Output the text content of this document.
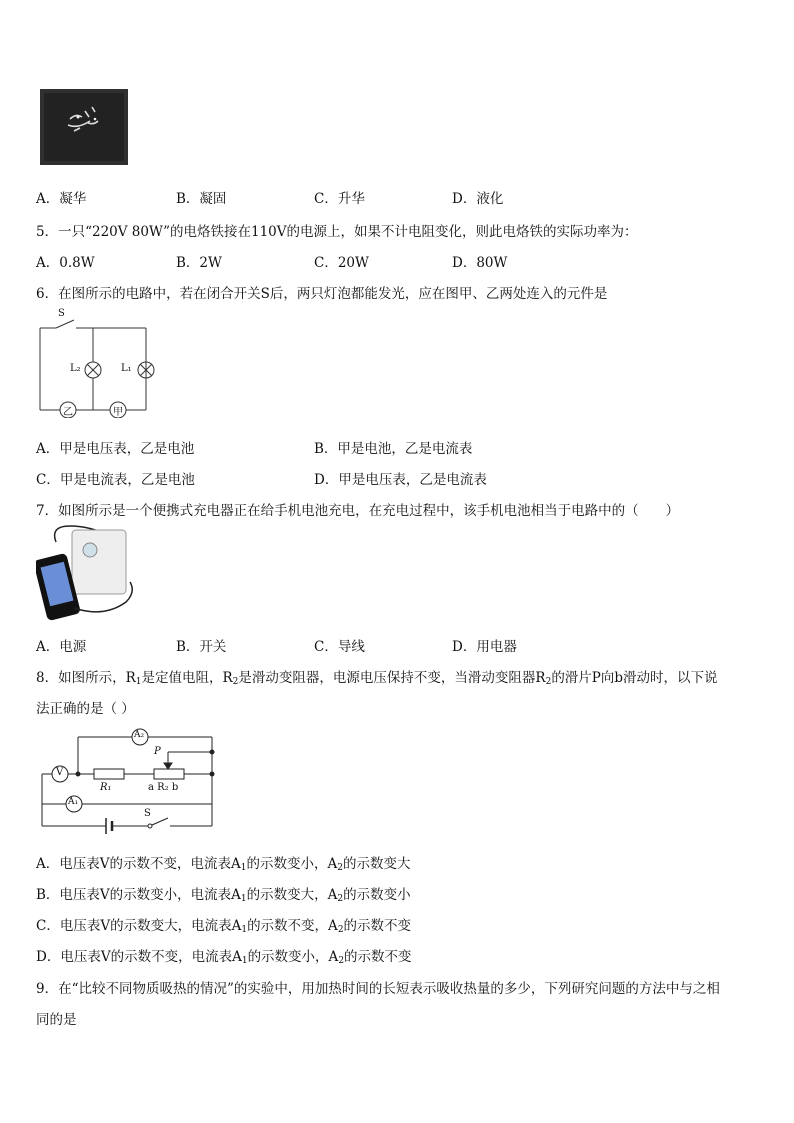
A．凝华	B．凝固	C．升华	D．液化
5．一只“220V 80W”的电烙铁接在110V的电源上，如果不计电阻变化，则此电烙铁的实际功率为：
A．0.8W	B．2W	C．20W	D．80W
6．在图所示的电路中，若在闭合开关S后，两只灯泡都能发光，应在图甲、乙两处连入的元件是
S
L₂	L₁
乙	甲
A．甲是电压表，乙是电池	B．甲是电池，乙是电流表
C．甲是电流表，乙是电池	D．甲是电压表，乙是电流表
7．如图所示是一个便携式充电器正在给手机电池充电，在充电过程中，该手机电池相当于电路中的（　　）
A．电源	B．开关	C．导线	D．用电器
8．如图所示，$R_1$是定值电阻，$R_2$是滑动变阻器，电源电压保持不变，当滑动变阻器$R_2$的滑片P向b滑动时，以下说
法正确的是（ ）
A₂
V
A₁
P
R₁	a R₂ b
S
A．电压表V的示数不变，电流表$A_1$的示数变小，$A_2$的示数变大
B．电压表V的示数变小，电流表$A_1$的示数变大，$A_2$的示数变小
C．电压表V的示数变大，电流表$A_1$的示数不变，$A_2$的示数不变
D．电压表V的示数不变，电流表$A_1$的示数变小，$A_2$的示数不变
9．在“比较不同物质吸热的情况”的实验中，用加热时间的长短表示吸收热量的多少，下列研究问题的方法中与之相
同的是
